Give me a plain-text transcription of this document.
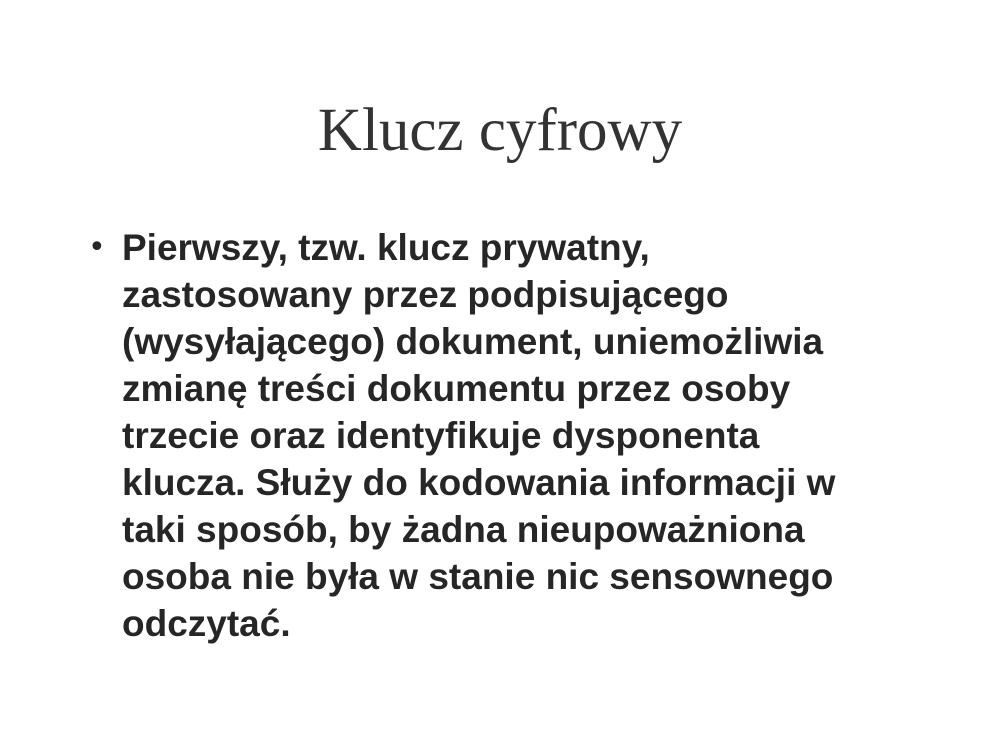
Klucz cyfrowy
• Pierwszy, tzw. klucz prywatny,
zastosowany przez podpisującego
(wysyłającego) dokument, uniemożliwia
zmianę treści dokumentu przez osoby
trzecie oraz identyfikuje dysponenta
klucza. Służy do kodowania informacji w
taki sposób, by żadna nieupoważniona
osoba nie była w stanie nic sensownego
odczytać.
